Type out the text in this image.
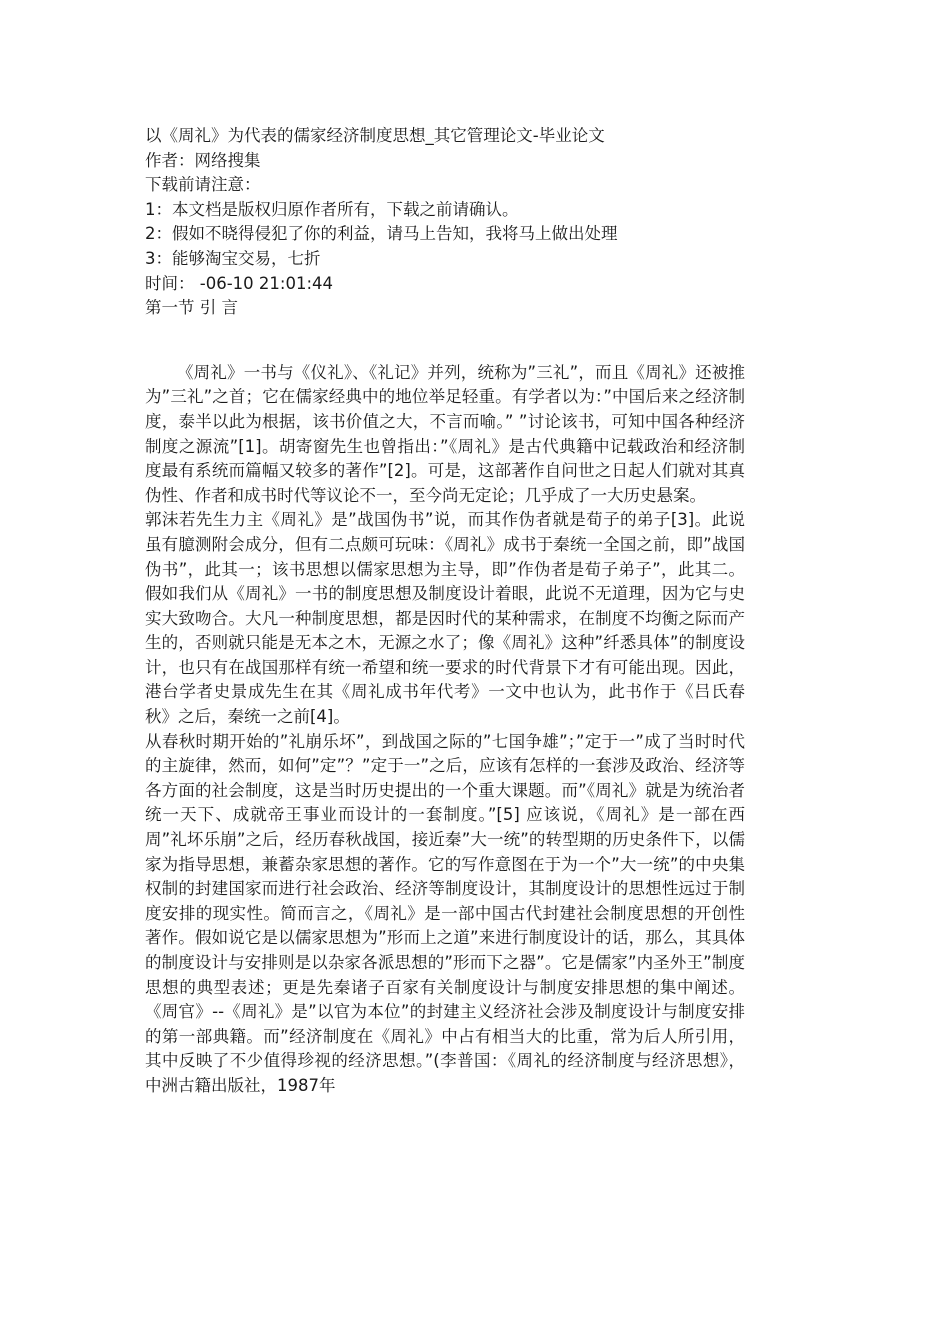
以《周礼》为代表的儒家经济制度思想_其它管理论文-毕业论文

作者：网络搜集

下载前请注意：

1：本文档是版权归原作者所有，下载之前请确认。

2：假如不晓得侵犯了你的利益，请马上告知，我将马上做出处理

3：能够淘宝交易，七折

时间： -06-10 21:01:44

第一节 引 言

《周礼》一书与《仪礼》、《礼记》并列，统称为”三礼”，而且《周礼》还被推为”三礼”之首；它在儒家经典中的地位举足轻重。有学者以为：”中国后来之经济制度，泰半以此为根据，该书价值之大，不言而喻。” ”讨论该书，可知中国各种经济制度之源流”[1]。胡寄窗先生也曾指出：”《周礼》是古代典籍中记载政治和经济制度最有系统而篇幅又较多的著作”[2]。可是，这部著作自问世之日起人们就对其真伪性、作者和成书时代等议论不一，至今尚无定论；几乎成了一大历史悬案。

郭沫若先生力主《周礼》是”战国伪书”说，而其作伪者就是荀子的弟子[3]。此说虽有臆测附会成分，但有二点颇可玩味：《周礼》成书于秦统一全国之前，即”战国伪书”，此其一；该书思想以儒家思想为主导，即”作伪者是荀子弟子”，此其二。假如我们从《周礼》一书的制度思想及制度设计着眼，此说不无道理，因为它与史实大致吻合。大凡一种制度思想，都是因时代的某种需求，在制度不均衡之际而产生的，否则就只能是无本之木，无源之水了；像《周礼》这种”纤悉具体”的制度设计，也只有在战国那样有统一希望和统一要求的时代背景下才有可能出现。因此，港台学者史景成先生在其《周礼成书年代考》一文中也认为，此书作于《吕氏春秋》之后，秦统一之前[4]。

从春秋时期开始的”礼崩乐坏”，到战国之际的”七国争雄”；”定于一”成了当时时代的主旋律，然而，如何”定”？”定于一”之后，应该有怎样的一套涉及政治、经济等各方面的社会制度，这是当时历史提出的一个重大课题。而”《周礼》就是为统治者统一天下、成就帝王事业而设计的一套制度。”[5] 应该说，《周礼》是一部在西周”礼坏乐崩”之后，经历春秋战国，接近秦”大一统”的转型期的历史条件下，以儒家为指导思想，兼蓄杂家思想的著作。它的写作意图在于为一个”大一统”的中央集权制的封建国家而进行社会政治、经济等制度设计，其制度设计的思想性远过于制度安排的现实性。简而言之，《周礼》是一部中国古代封建社会制度思想的开创性著作。假如说它是以儒家思想为”形而上之道”来进行制度设计的话，那么，其具体的制度设计与安排则是以杂家各派思想的”形而下之器”。它是儒家”内圣外王”制度思想的典型表述；更是先秦诸子百家有关制度设计与制度安排思想的集中阐述。《周官》--《周礼》是”以官为本位”的封建主义经济社会涉及制度设计与制度安排的第一部典籍。而”经济制度在《周礼》中占有相当大的比重，常为后人所引用，其中反映了不少值得珍视的经济思想。”(李普国：《周礼的经济制度与经济思想》，中洲古籍出版社，1987年
